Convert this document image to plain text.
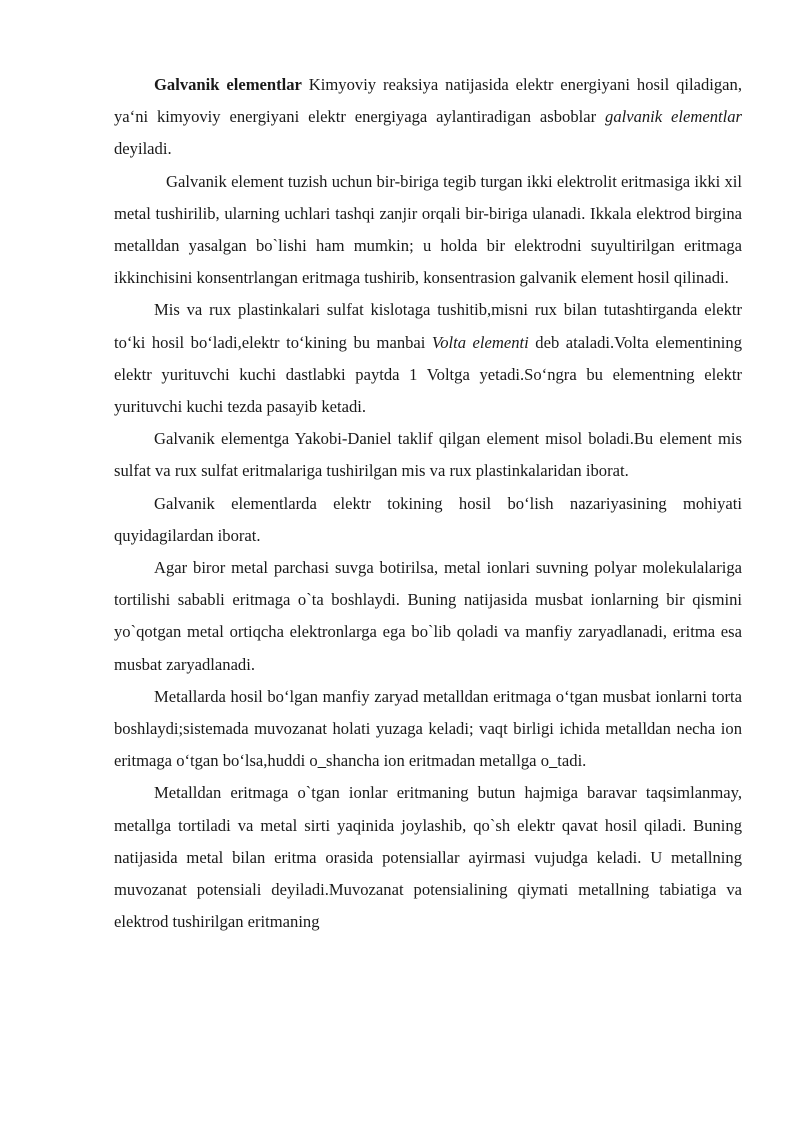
Galvanik elementlar Kimyoviy reaksiya natijasida elektr energiyani hosil qiladigan, ya‘ni kimyoviy energiyani elektr energiyaga aylantiradigan asboblar galvanik elementlar deyiladi.

Galvanik element tuzish uchun bir-biriga tegib turgan ikki elektrolit eritmasiga ikki xil metal tushirilib, ularning uchlari tashqi zanjir orqali bir-biriga ulanadi. Ikkala elektrod birgina metalldan yasalgan bo`lishi ham mumkin; u holda bir elektrodni suyultirilgan eritmaga ikkinchisini konsentrlangan eritmaga tushirib, konsentrasion galvanik element hosil qilinadi.

Mis va rux plastinkalari sulfat kislotaga tushitib,misni rux bilan tutashtirganda elektr to‘ki hosil bo‘ladi,elektr to‘kining bu manbai Volta elementi deb ataladi.Volta elementining elektr yurituvchi kuchi dastlabki paytda 1 Voltga yetadi.So‘ngra bu elementning elektr yurituvchi kuchi tezda pasayib ketadi.

Galvanik elementga Yakobi-Daniel taklif qilgan element misol boladi.Bu element mis sulfat va rux sulfat eritmalariga tushirilgan mis va rux plastinkalaridan iborat.

Galvanik elementlarda elektr tokining hosil bo‘lish nazariyasining mohiyati quyidagilardan iborat.

Agar biror metal parchasi suvga botirilsa, metal ionlari suvning polyar molekulalariga tortilishi sababli eritmaga o`ta boshlaydi. Buning natijasida musbat ionlarning bir qismini yo`qotgan metal ortiqcha elektronlarga ega bo`lib qoladi va manfiy zaryadlanadi, eritma esa musbat zaryadlanadi.

Metallarda hosil bo‘lgan manfiy zaryad metalldan eritmaga o‘tgan musbat ionlarni torta boshlaydi;sistemada muvozanat holati yuzaga keladi; vaqt birligi ichida metalldan necha ion eritmaga o‘tgan bo‘lsa,huddi o_shancha ion eritmadan metallga o_tadi.

Metalldan eritmaga o`tgan ionlar eritmaning butun hajmiga baravar taqsimlanmay, metallga tortiladi va metal sirti yaqinida joylashib, qo`sh elektr qavat hosil qiladi. Buning natijasida metal bilan eritma orasida potensiallar ayirmasi vujudga keladi. U metallning muvozanat potensiali deyiladi.Muvozanat potensialining qiymati metallning tabiatiga va elektrod tushirilgan eritmaning
